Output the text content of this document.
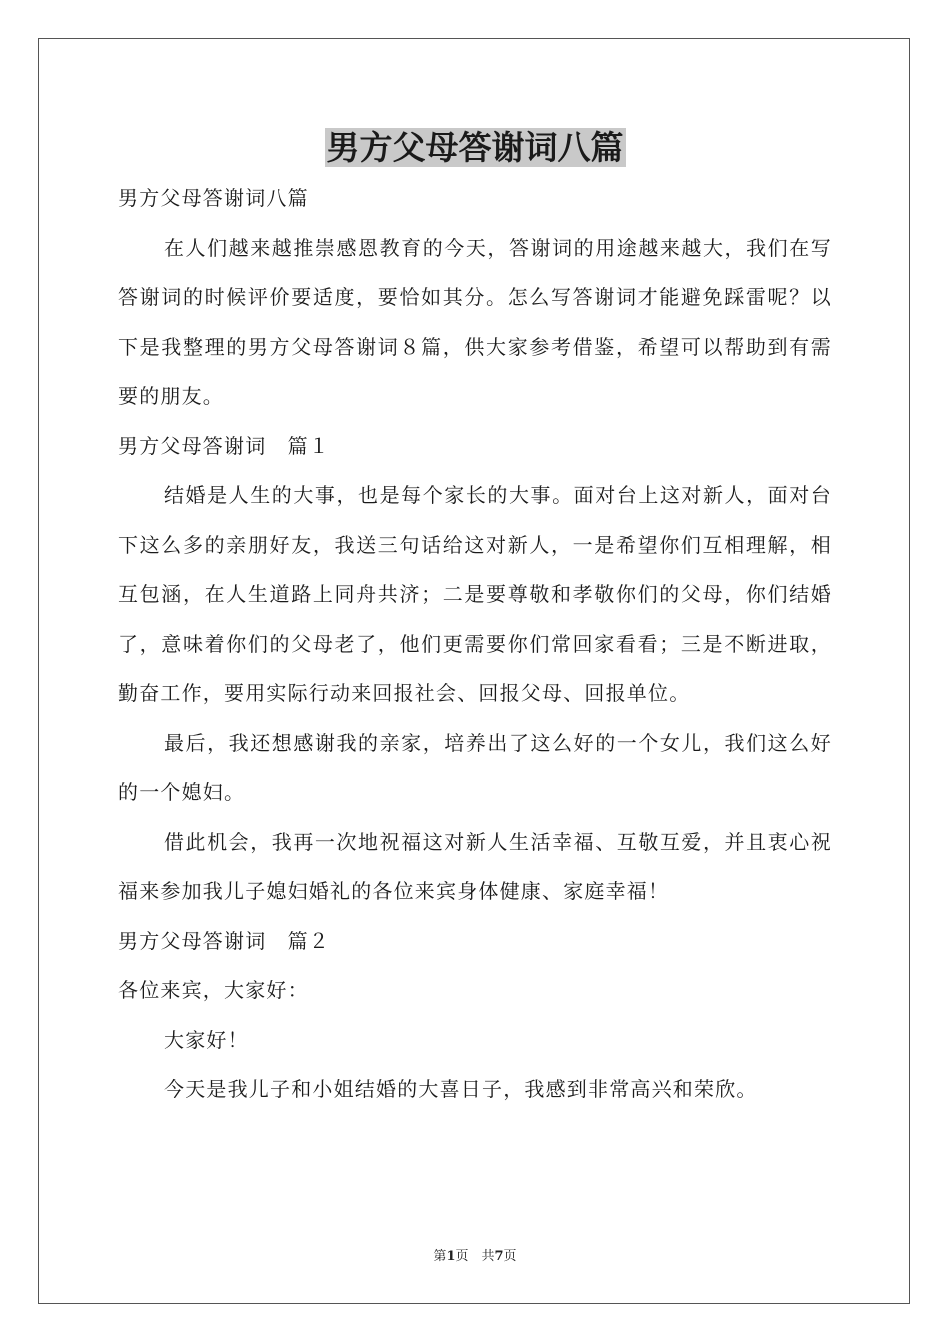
男方父母答谢词八篇

男方父母答谢词八篇

在人们越来越推崇感恩教育的今天，答谢词的用途越来越大，我们在写答谢词的时候评价要适度，要恰如其分。怎么写答谢词才能避免踩雷呢？以下是我整理的男方父母答谢词８篇，供大家参考借鉴，希望可以帮助到有需要的朋友。

男方父母答谢词　篇１

结婚是人生的大事，也是每个家长的大事。面对台上这对新人，面对台下这么多的亲朋好友，我送三句话给这对新人，一是希望你们互相理解，相互包涵，在人生道路上同舟共济；二是要尊敬和孝敬你们的父母，你们结婚了，意味着你们的父母老了，他们更需要你们常回家看看；三是不断进取，勤奋工作，要用实际行动来回报社会、回报父母、回报单位。

最后，我还想感谢我的亲家，培养出了这么好的一个女儿，我们这么好的一个媳妇。

借此机会，我再一次地祝福这对新人生活幸福、互敬互爱，并且衷心祝福来参加我儿子媳妇婚礼的各位来宾身体健康、家庭幸福！

男方父母答谢词　篇２

各位来宾，大家好：

大家好！

今天是我儿子和小姐结婚的大喜日子，我感到非常高兴和荣欣。

第1页　共7页
